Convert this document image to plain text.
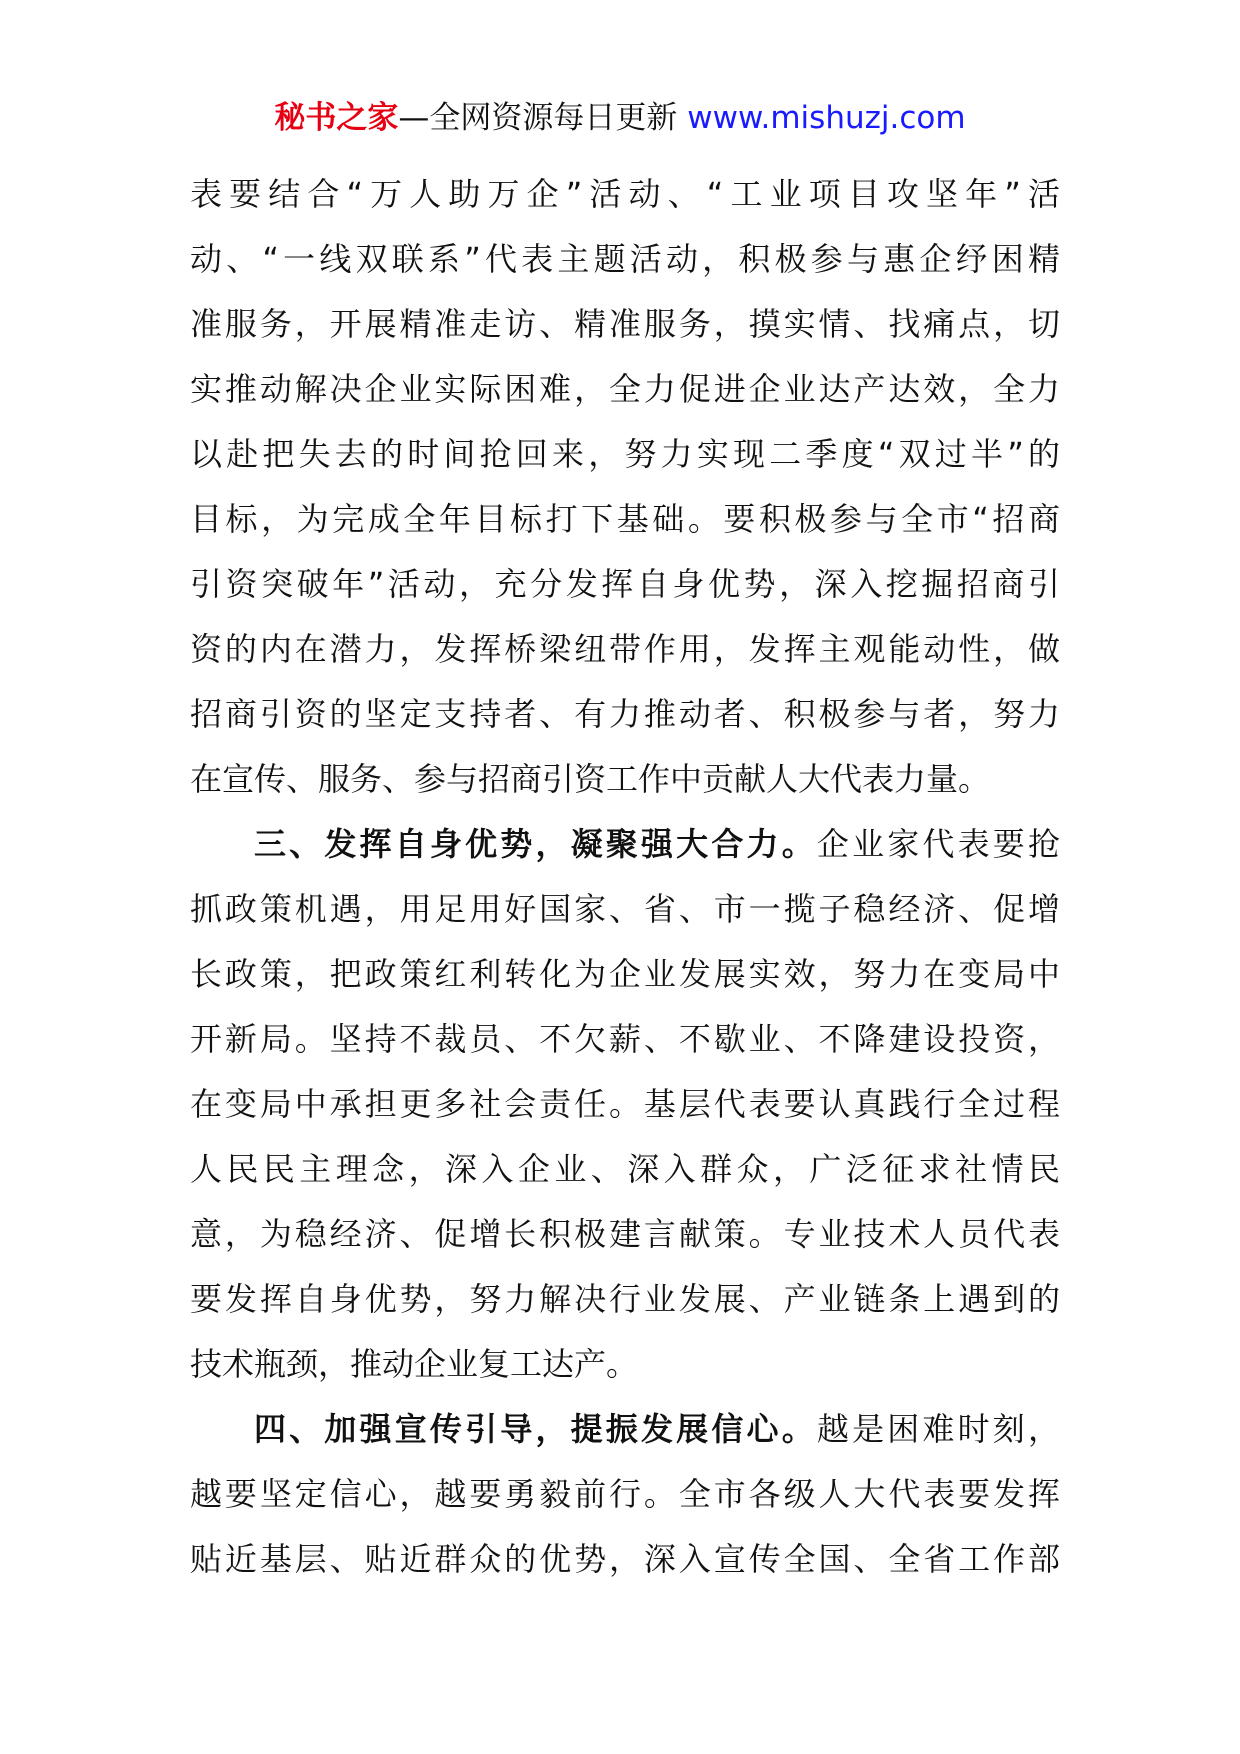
秘书之家—全网资源每日更新 www.mishuzj.com
表要结合“万人助万企”活动、“工业项目攻坚年”活
动、“一线双联系”代表主题活动，积极参与惠企纾困精
准服务，开展精准走访、精准服务，摸实情、找痛点，切
实推动解决企业实际困难，全力促进企业达产达效，全力
以赴把失去的时间抢回来，努力实现二季度“双过半”的
目标，为完成全年目标打下基础。要积极参与全市“招商
引资突破年”活动，充分发挥自身优势，深入挖掘招商引
资的内在潜力，发挥桥梁纽带作用，发挥主观能动性，做
招商引资的坚定支持者、有力推动者、积极参与者，努力
在宣传、服务、参与招商引资工作中贡献人大代表力量。
三、发挥自身优势，凝聚强大合力。企业家代表要抢
抓政策机遇，用足用好国家、省、市一揽子稳经济、促增
长政策，把政策红利转化为企业发展实效，努力在变局中
开新局。坚持不裁员、不欠薪、不歇业、不降建设投资，
在变局中承担更多社会责任。基层代表要认真践行全过程
人民民主理念，深入企业、深入群众，广泛征求社情民
意，为稳经济、促增长积极建言献策。专业技术人员代表
要发挥自身优势，努力解决行业发展、产业链条上遇到的
技术瓶颈，推动企业复工达产。
四、加强宣传引导，提振发展信心。越是困难时刻，
越要坚定信心，越要勇毅前行。全市各级人大代表要发挥
贴近基层、贴近群众的优势，深入宣传全国、全省工作部
